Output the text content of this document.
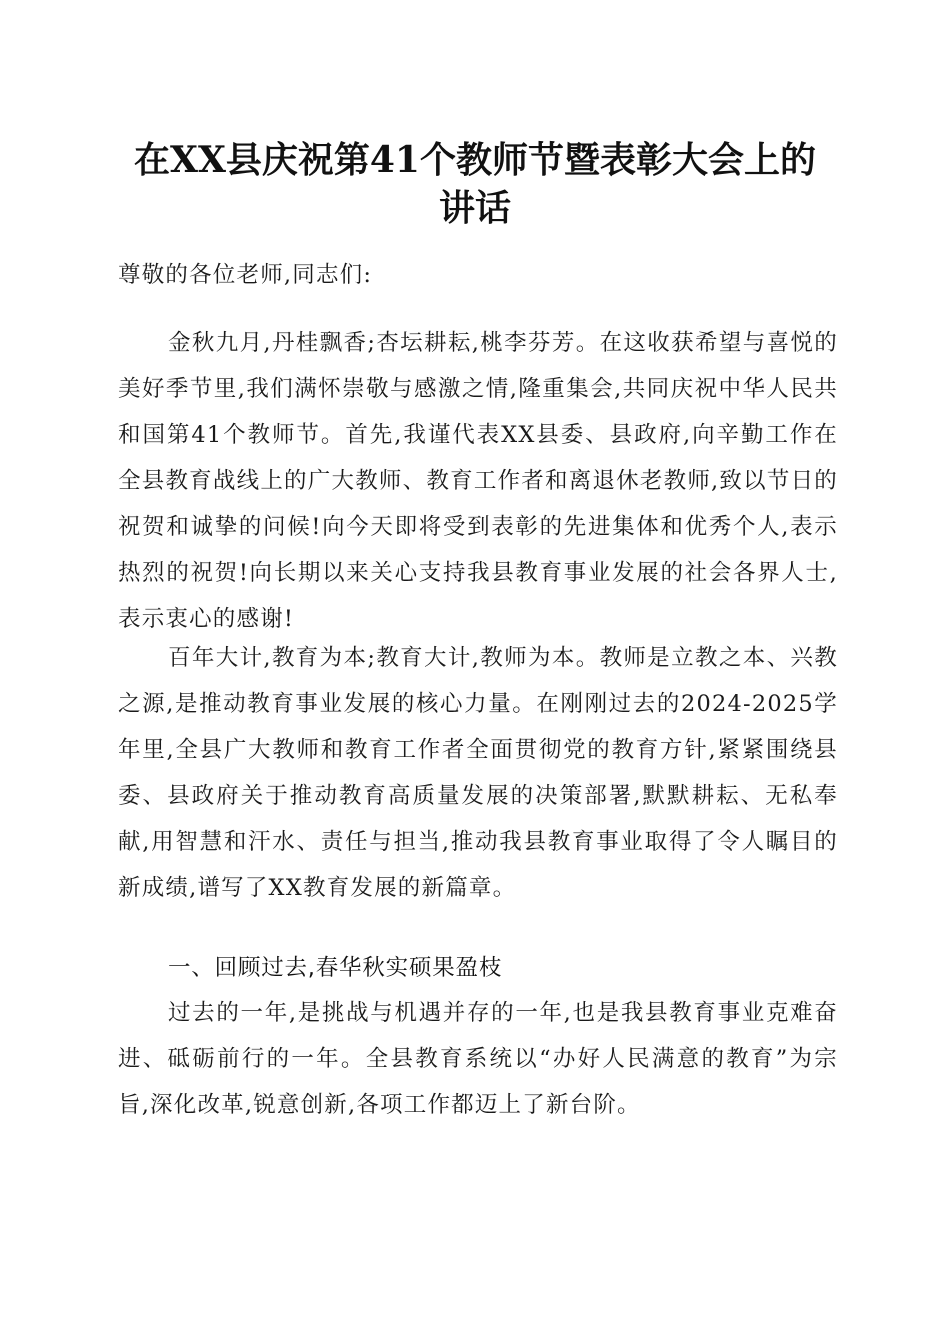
在XX县庆祝第41个教师节暨表彰大会上的
讲话
尊敬的各位老师,同志们:
金秋九月,丹桂飘香;杏坛耕耘,桃李芬芳。在这收获希望与喜悦的美好季节里,我们满怀崇敬与感激之情,隆重集会,共同庆祝中华人民共和国第41个教师节。首先,我谨代表XX县委、县政府,向辛勤工作在全县教育战线上的广大教师、教育工作者和离退休老教师,致以节日的祝贺和诚挚的问候!向今天即将受到表彰的先进集体和优秀个人,表示热烈的祝贺!向长期以来关心支持我县教育事业发展的社会各界人士,表示衷心的感谢!
百年大计,教育为本;教育大计,教师为本。教师是立教之本、兴教之源,是推动教育事业发展的核心力量。在刚刚过去的2024-2025学年里,全县广大教师和教育工作者全面贯彻党的教育方针,紧紧围绕县委、县政府关于推动教育高质量发展的决策部署,默默耕耘、无私奉献,用智慧和汗水、责任与担当,推动我县教育事业取得了令人瞩目的新成绩,谱写了XX教育发展的新篇章。
一、回顾过去,春华秋实硕果盈枝
过去的一年,是挑战与机遇并存的一年,也是我县教育事业克难奋进、砥砺前行的一年。全县教育系统以“办好人民满意的教育”为宗旨,深化改革,锐意创新,各项工作都迈上了新台阶。
